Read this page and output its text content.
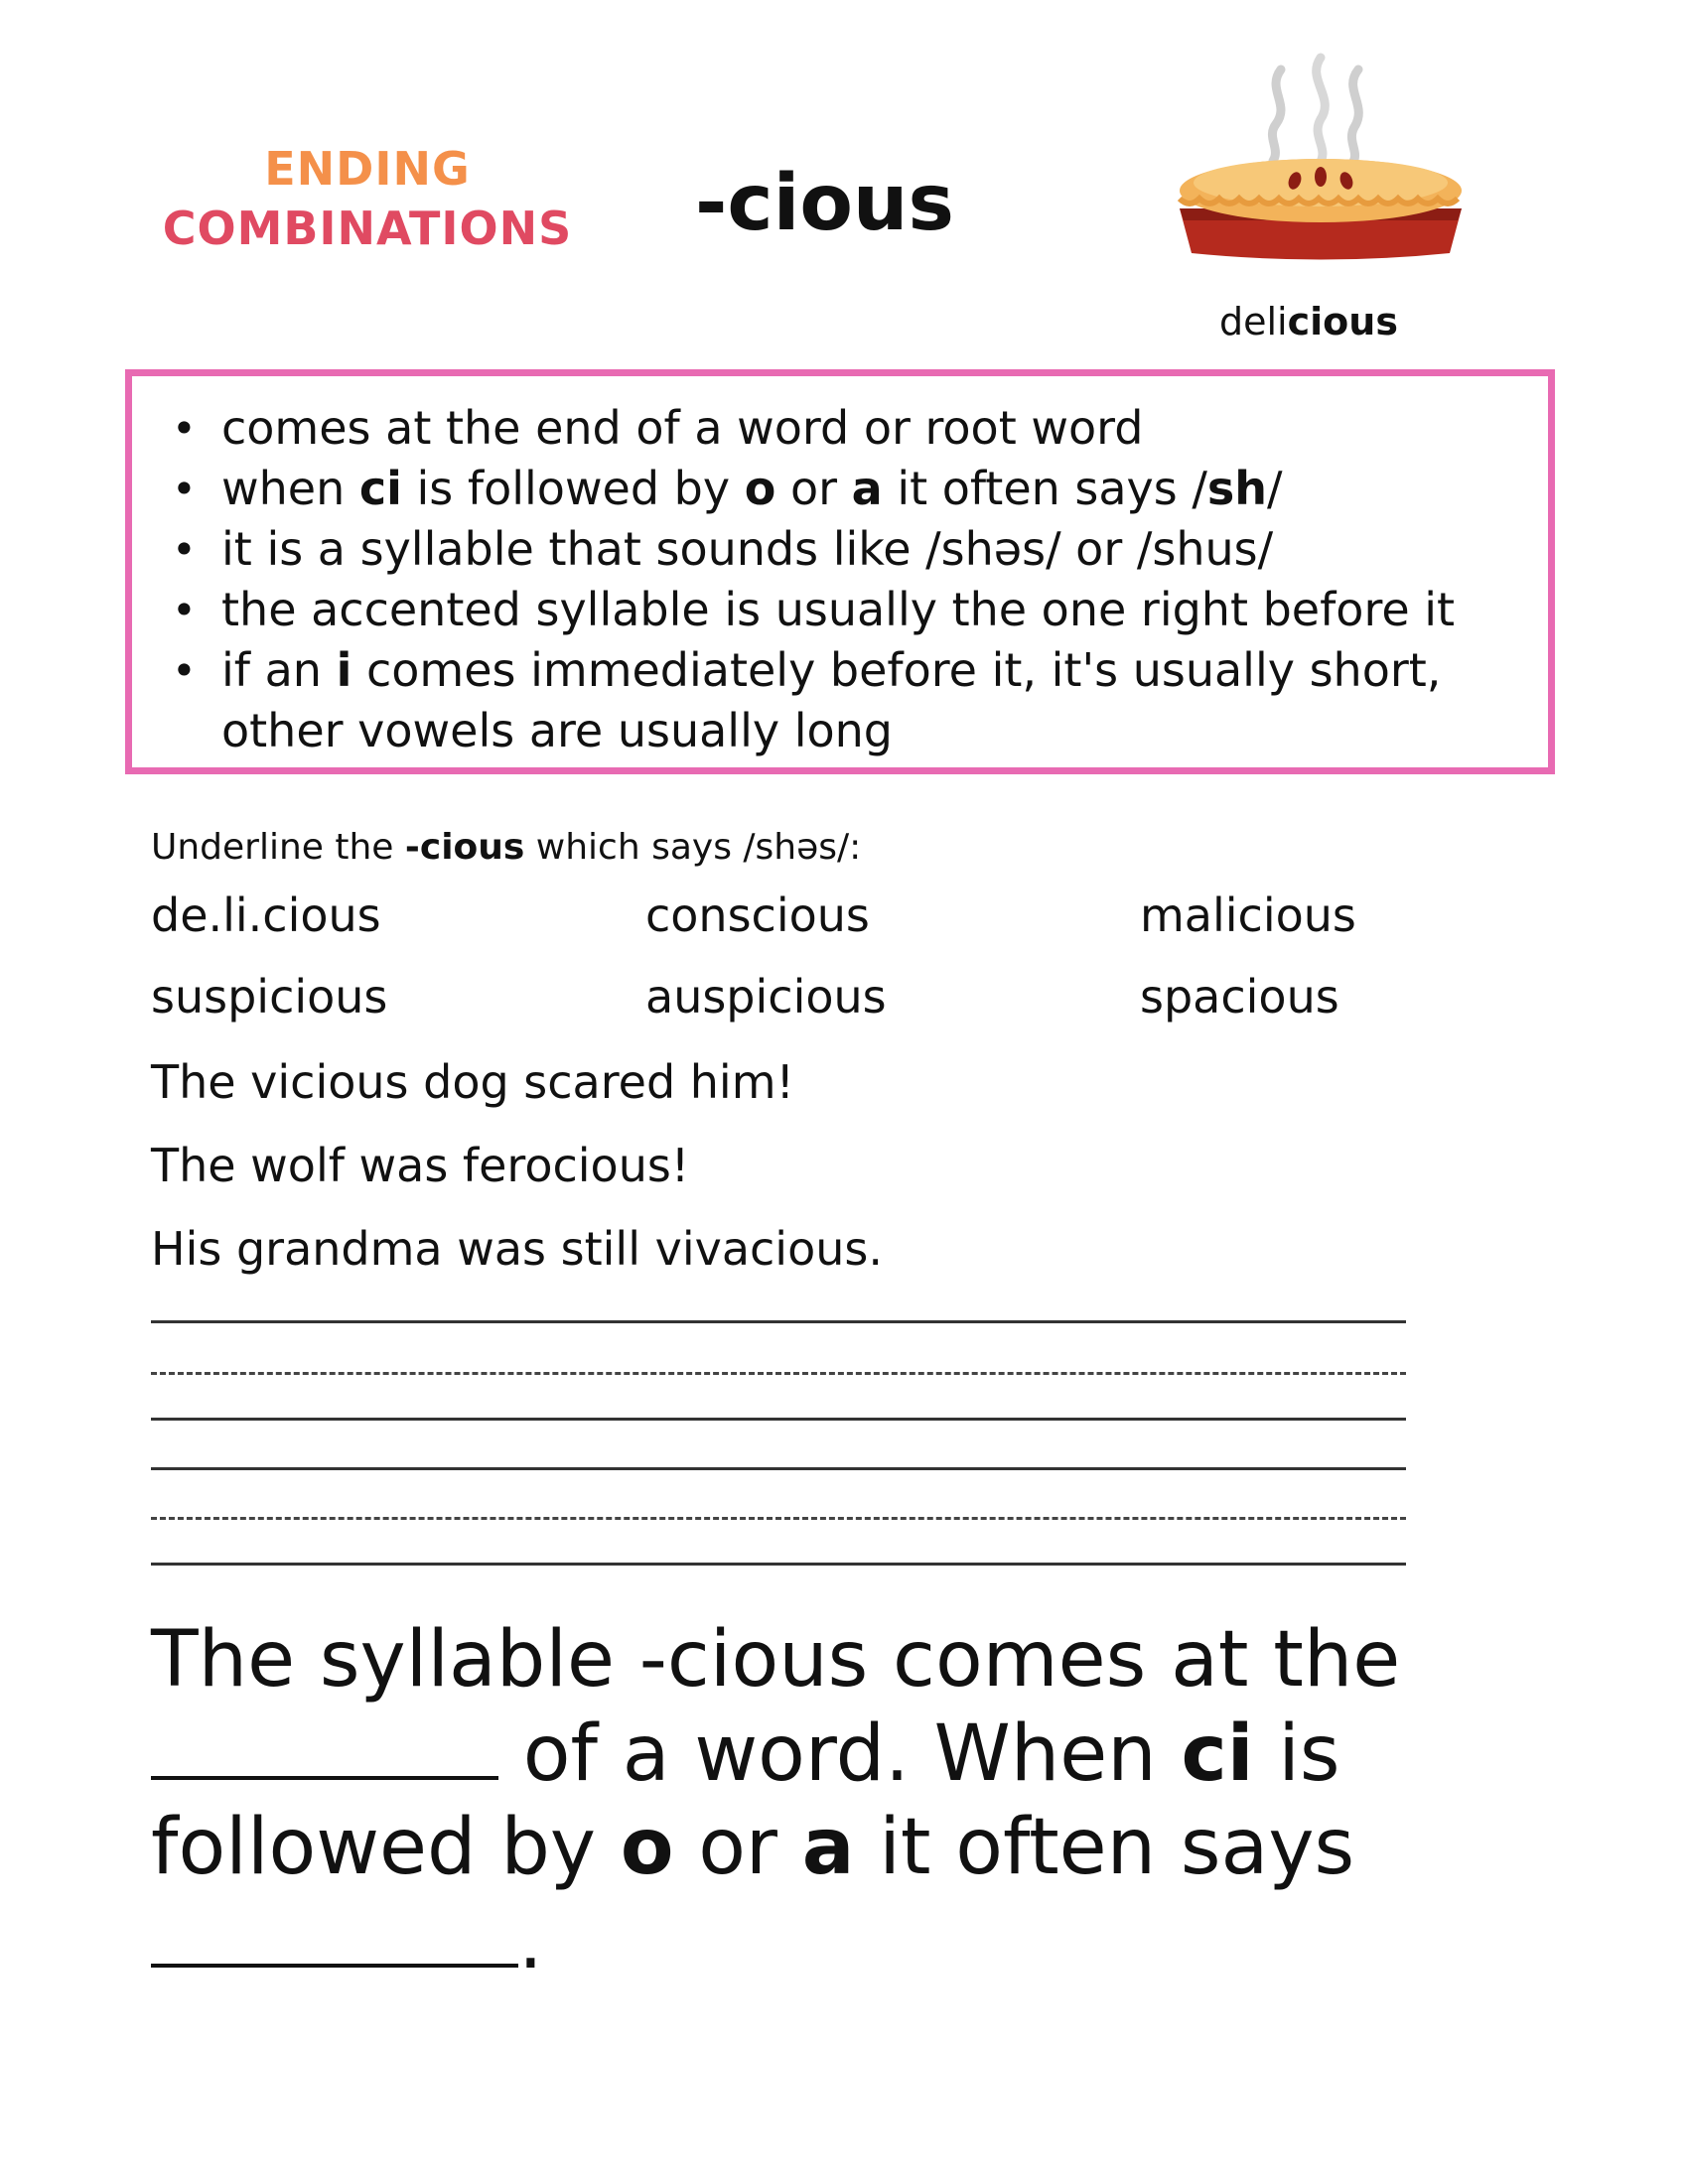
ENDING
COMBINATIONS -cious
delicious
• comes at the end of a word or root word
• when ci is followed by o or a it often says /sh/
• it is a syllable that sounds like /shəs/ or /shus/
• the accented syllable is usually the one right before it
• if an i comes immediately before it, it's usually short, other vowels are usually long
Underline the -cious which says /shəs/:
de.li.cious	conscious	malicious
suspicious	auspicious	spacious
The vicious dog scared him!
The wolf was ferocious!
His grandma was still vivacious.
The syllable -cious comes at the
of a word. When ci is
followed by o or a it often says
.
